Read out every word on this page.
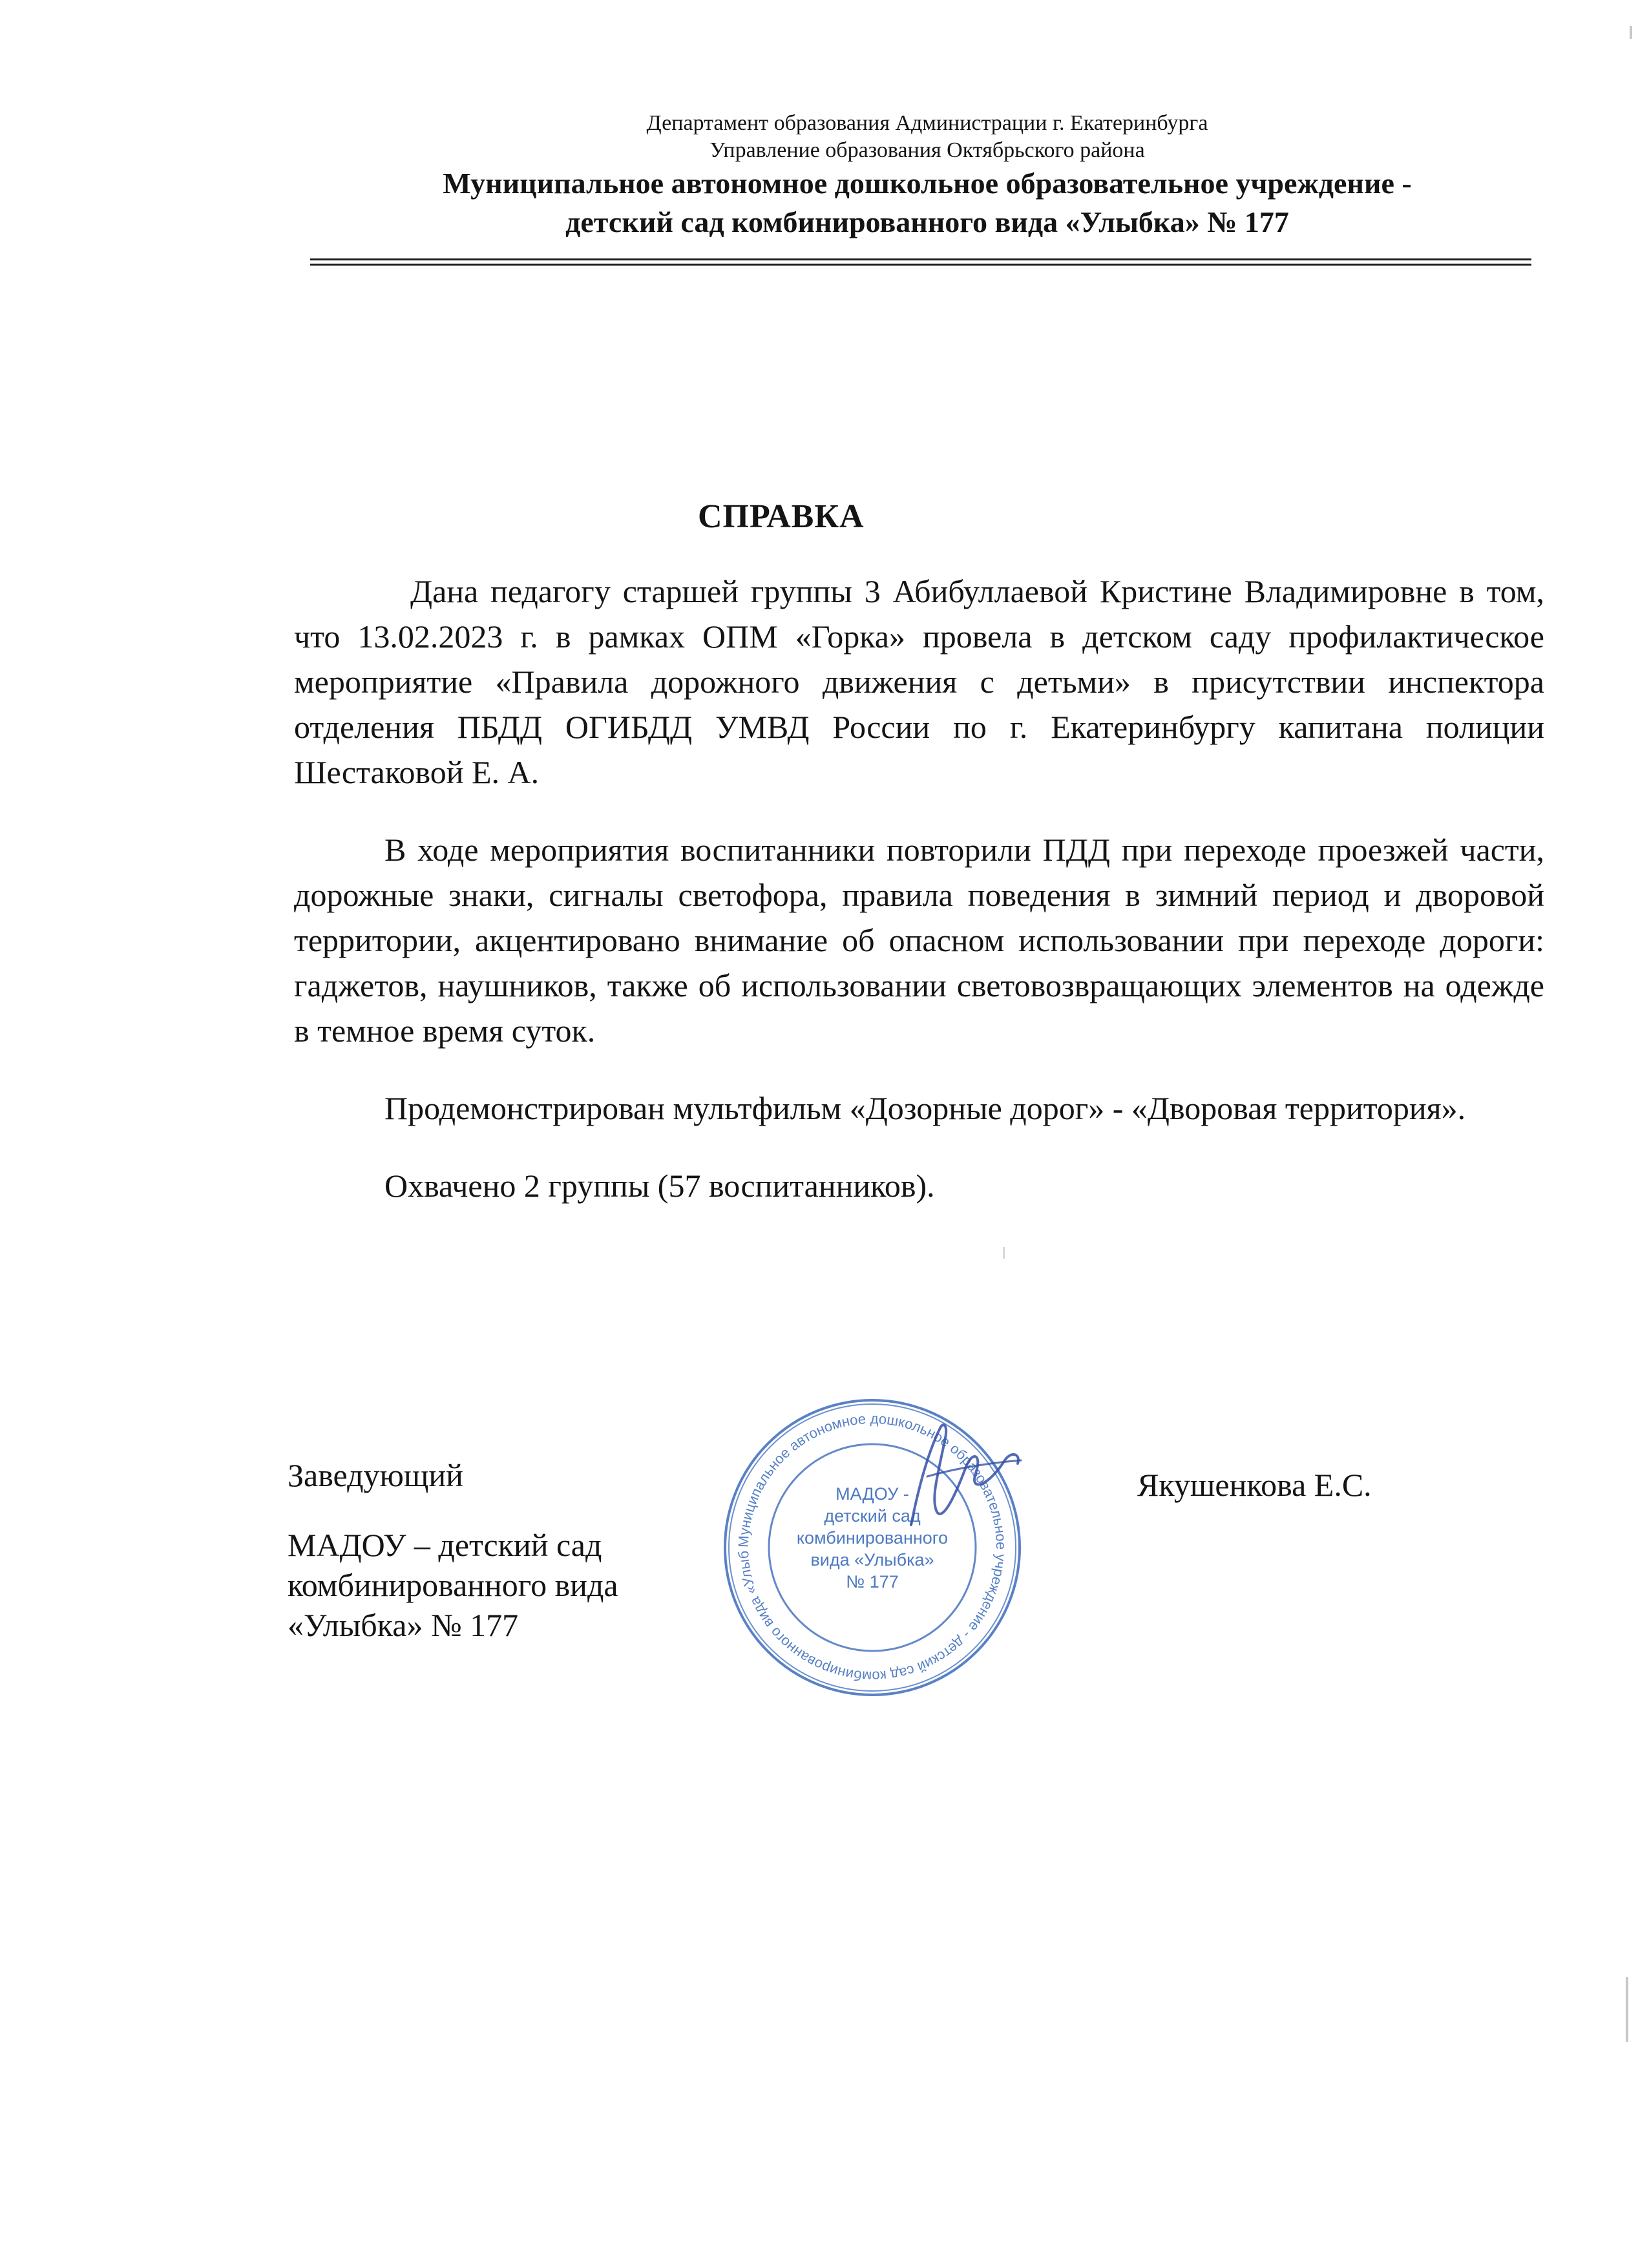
Департамент образования Администрации г. Екатеринбурга
Управление образования Октябрьского района
Муниципальное автономное дошкольное образовательное учреждение -
детский сад комбинированного вида «Улыбка» № 177
СПРАВКА

Дана педагогу старшей группы 3 Абибуллаевой Кристине Владимировне в том, что 13.02.2023 г. в рамках ОПМ «Горка» провела в детском саду профилактическое мероприятие «Правила дорожного движения с детьми» в присутствии инспектора отделения ПБДД ОГИБДД УМВД России по г. Екатеринбургу капитана полиции Шестаковой Е. А.

В ходе мероприятия воспитанники повторили ПДД при переходе проезжей части, дорожные знаки, сигналы светофора, правила поведения в зимний период и дворовой территории, акцентировано внимание об опасном использовании при переходе дороги: гаджетов, наушников, также об использовании световозвращающих элементов на одежде в темное время суток.

Продемонстрирован мультфильм «Дозорные дорог» - «Дворовая территория».

Охвачено 2 группы (57 воспитанников).

Заведующий
МАДОУ – детский сад
комбинированного вида
«Улыбка» № 177
Якушенкова Е.С.
Муниципальное автономное дошкольное образовательное учреждение - детский сад комбинированного вида «Улыб
МАДОУ -
детский сад
комбинированного
вида «Улыбка»
№ 177
